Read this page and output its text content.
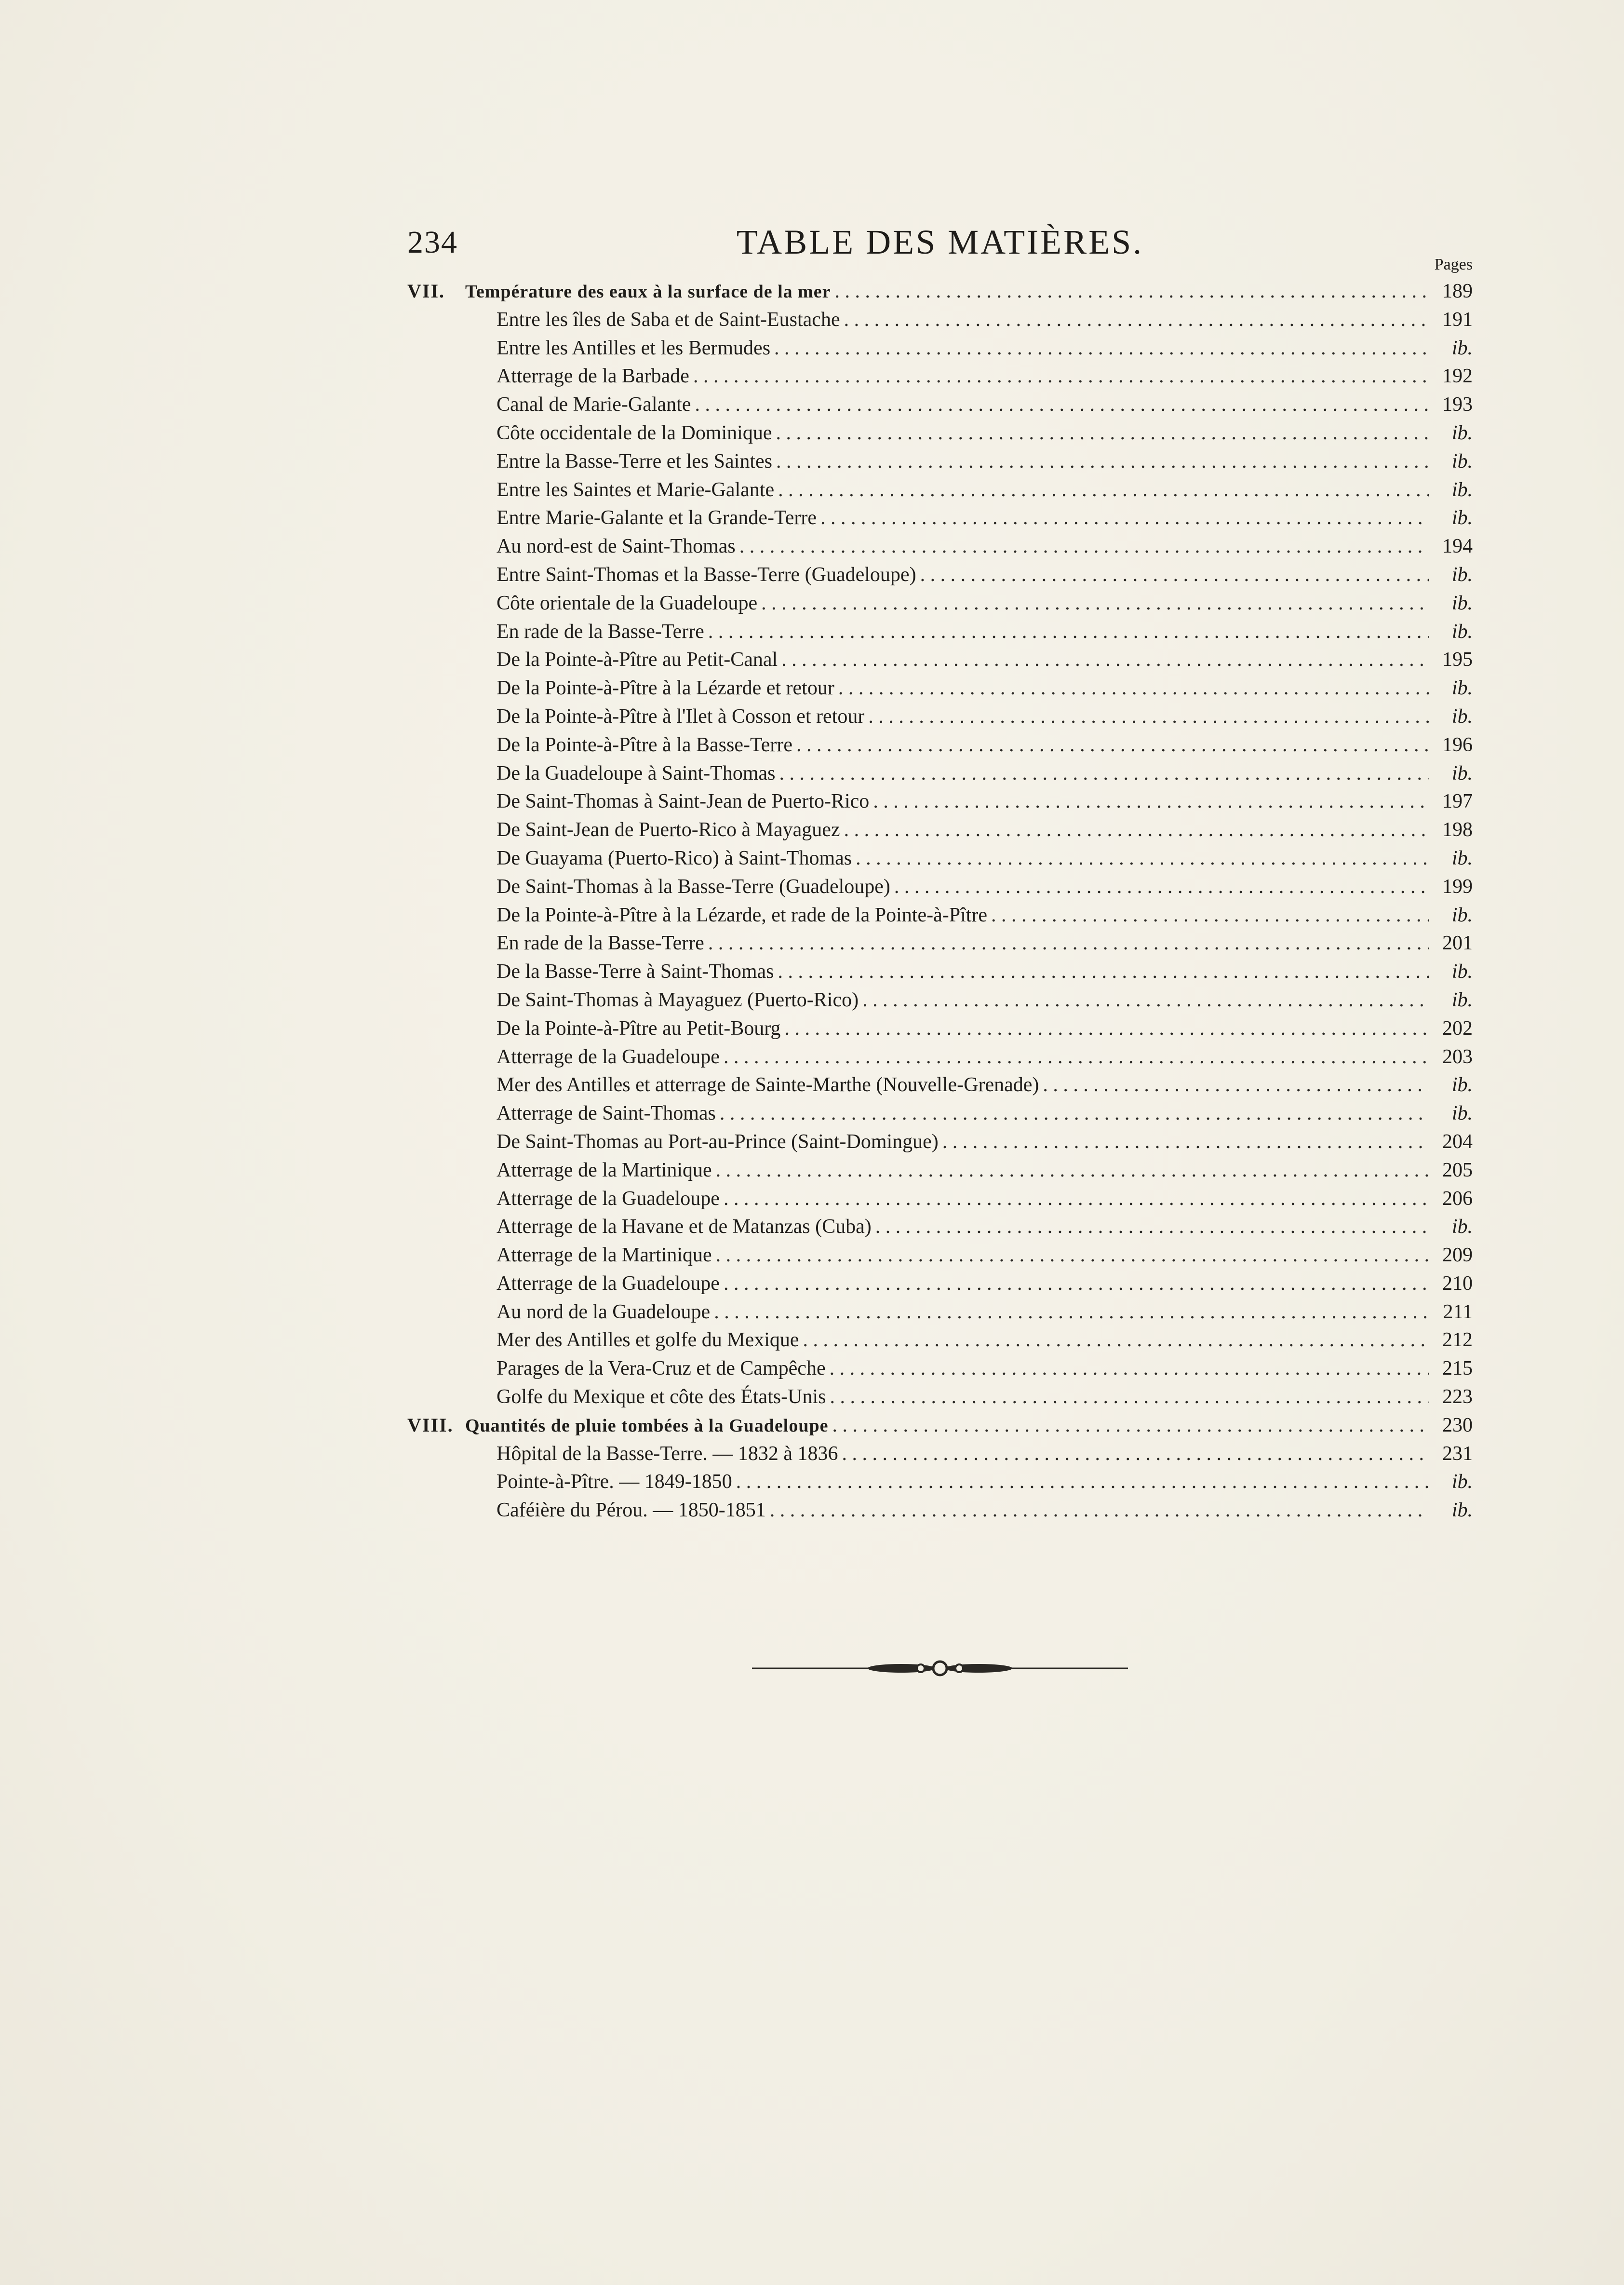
234	TABLE DES MATIÈRES.
Pages
VII.	Température des eaux à la surface de la mer . . .	189
Entre les îles de Saba et de Saint-Eustache . . .	191
Entre les Antilles et les Bermudes . . .	ib.
Atterrage de la Barbade . . .	192
Canal de Marie-Galante . . .	193
Côte occidentale de la Dominique . . .	ib.
Entre la Basse-Terre et les Saintes . . .	ib.
Entre les Saintes et Marie-Galante . . .	ib.
Entre Marie-Galante et la Grande-Terre . . .	ib.
Au nord-est de Saint-Thomas . . .	194
Entre Saint-Thomas et la Basse-Terre (Guadeloupe) . . .	ib.
Côte orientale de la Guadeloupe . . .	ib.
En rade de la Basse-Terre . . .	ib.
De la Pointe-à-Pître au Petit-Canal . . .	195
De la Pointe-à-Pître à la Lézarde et retour . . .	ib.
De la Pointe-à-Pître à l'Ilet à Cosson et retour . . .	ib.
De la Pointe-à-Pître à la Basse-Terre . . .	196
De la Guadeloupe à Saint-Thomas . . .	ib.
De Saint-Thomas à Saint-Jean de Puerto-Rico . . .	197
De Saint-Jean de Puerto-Rico à Mayaguez . . .	198
De Guayama (Puerto-Rico) à Saint-Thomas . . .	ib.
De Saint-Thomas à la Basse-Terre (Guadeloupe) . . .	199
De la Pointe-à-Pître à la Lézarde, et rade de la Pointe-à-Pître . . .	ib.
En rade de la Basse-Terre . . .	201
De la Basse-Terre à Saint-Thomas . . .	ib.
De Saint-Thomas à Mayaguez (Puerto-Rico) . . .	ib.
De la Pointe-à-Pître au Petit-Bourg . . .	202
Atterrage de la Guadeloupe . . .	203
Mer des Antilles et atterrage de Sainte-Marthe (Nouvelle-Grenade) . . .	ib.
Atterrage de Saint-Thomas . . .	ib.
De Saint-Thomas au Port-au-Prince (Saint-Domingue) . . .	204
Atterrage de la Martinique . . .	205
Atterrage de la Guadeloupe . . .	206
Atterrage de la Havane et de Matanzas (Cuba) . . .	ib.
Atterrage de la Martinique . . .	209
Atterrage de la Guadeloupe . . .	210
Au nord de la Guadeloupe . . .	211
Mer des Antilles et golfe du Mexique . . .	212
Parages de la Vera-Cruz et de Campêche . . .	215
Golfe du Mexique et côte des États-Unis . . .	223
VIII. Quantités de pluie tombées à la Guadeloupe . . .	230
Hôpital de la Basse-Terre. — 1832 à 1836 . . .	231
Pointe-à-Pître. — 1849-1850 . . .	ib.
Caféière du Pérou. — 1850-1851 . . .	ib.
